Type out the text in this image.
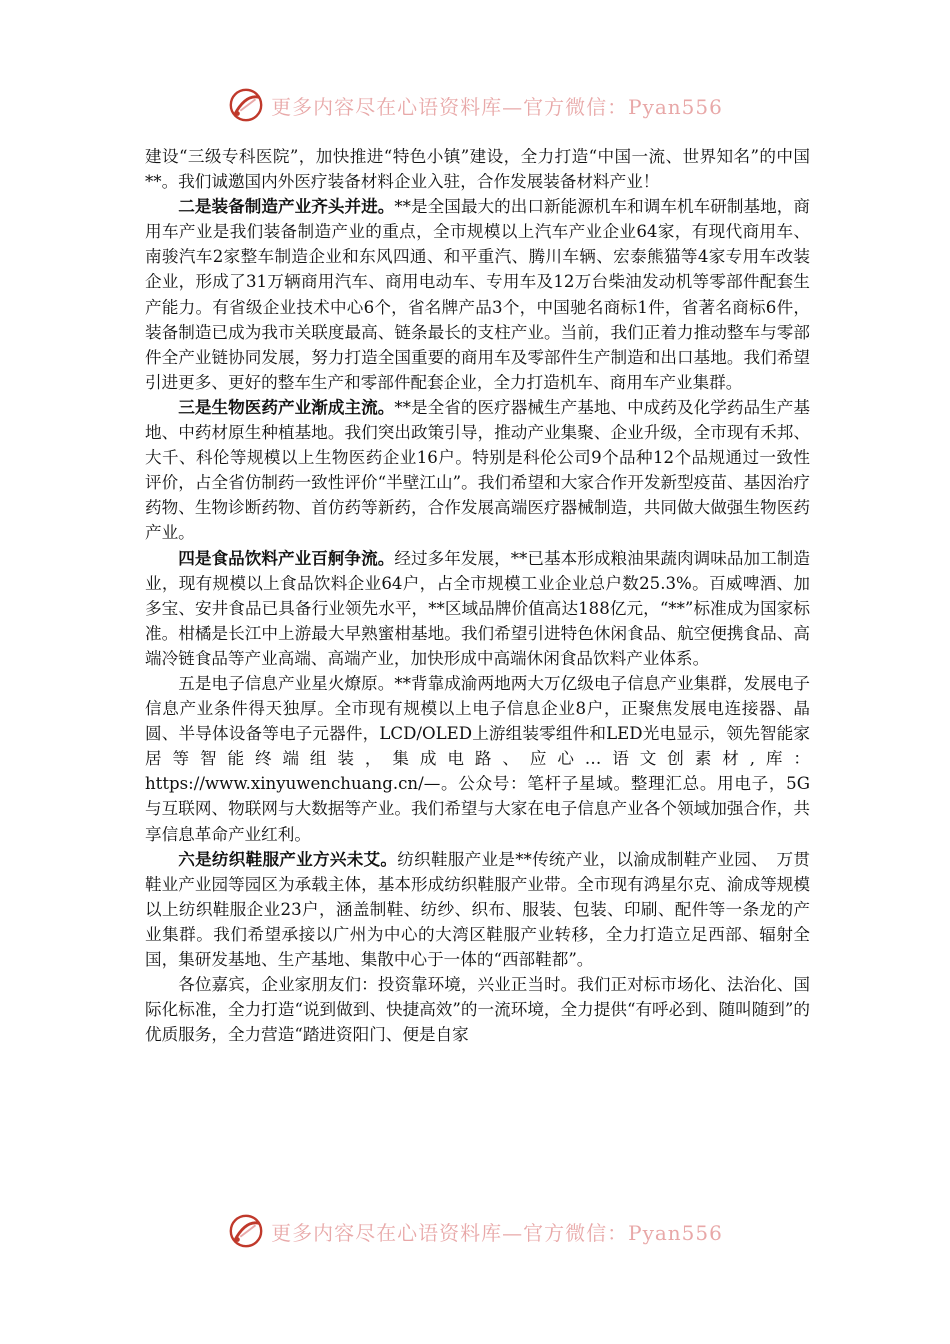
更多内容尽在心语资料库—官方微信：Pyan556

建设“三级专科医院”，加快推进“特色小镇”建设，全力打造“中国一流、世界知名”的中国**。我们诚邀国内外医疗装备材料企业入驻，合作发展装备材料产业！

二是装备制造产业齐头并进。**是全国最大的出口新能源机车和调车机车研制基地，商用车产业是我们装备制造产业的重点，全市规模以上汽车产业企业64家，有现代商用车、南骏汽车2家整车制造企业和东风四通、和平重汽、腾川车辆、宏泰熊猫等4家专用车改装企业，形成了31万辆商用汽车、商用电动车、专用车及12万台柴油发动机等零部件配套生产能力。有省级企业技术中心6个，省名牌产品3个，中国驰名商标1件，省著名商标6件，装备制造已成为我市关联度最高、链条最长的支柱产业。当前，我们正着力推动整车与零部件全产业链协同发展，努力打造全国重要的商用车及零部件生产制造和出口基地。我们希望引进更多、更好的整车生产和零部件配套企业，全力打造机车、商用车产业集群。

三是生物医药产业渐成主流。**是全省的医疗器械生产基地、中成药及化学药品生产基地、中药材原生种植基地。我们突出政策引导，推动产业集聚、企业升级，全市现有禾邦、大千、科伦等规模以上生物医药企业16户。特别是科伦公司9个品种12个品规通过一致性评价，占全省仿制药一致性评价“半壁江山”。我们希望和大家合作开发新型疫苗、基因治疗药物、生物诊断药物、首仿药等新药，合作发展高端医疗器械制造，共同做大做强生物医药产业。

四是食品饮料产业百舸争流。经过多年发展，**已基本形成粮油果蔬肉调味品加工制造业，现有规模以上食品饮料企业64户，占全市规模工业企业总户数25.3%。百威啤酒、加多宝、安井食品已具备行业领先水平，**区域品牌价值高达188亿元，“**”标准成为国家标准。柑橘是长江中上游最大早熟蜜柑基地。我们希望引进特色休闲食品、航空便携食品、高端冷链食品等产业高端、高端产业，加快形成中高端休闲食品饮料产业体系。

五是电子信息产业星火燎原。**背靠成渝两地两大万亿级电子信息产业集群，发展电子信息产业条件得天独厚。全市现有规模以上电子信息企业8户，正聚焦发展电连接器、晶圆、半导体设备等电子元器件，LCD/OLED上游组装零组件和LED光电显示，领先智能家居等智能终端组装，集成电路、应心…语文创素材,库：https://www.xinyuwenchuang.cn/—。公众号：笔杆子星域。整理汇总。用电子，5G与互联网、物联网与大数据等产业。我们希望与大家在电子信息产业各个领域加强合作，共享信息革命产业红利。

六是纺织鞋服产业方兴未艾。纺织鞋服产业是**传统产业，以渝成制鞋产业园、　万贯鞋业产业园等园区为承载主体，基本形成纺织鞋服产业带。全市现有鸿星尔克、渝成等规模以上纺织鞋服企业23户，涵盖制鞋、纺纱、织布、服装、包装、印刷、配件等一条龙的产业集群。我们希望承接以广州为中心的大湾区鞋服产业转移，全力打造立足西部、辐射全国，集研发基地、生产基地、集散中心于一体的“西部鞋都”。

各位嘉宾，企业家朋友们：投资靠环境，兴业正当时。我们正对标市场化、法治化、国际化标准，全力打造“说到做到、快捷高效”的一流环境，全力提供“有呼必到、随叫随到”的优质服务，全力营造“踏进资阳门、便是自家

更多内容尽在心语资料库—官方微信：Pyan556
